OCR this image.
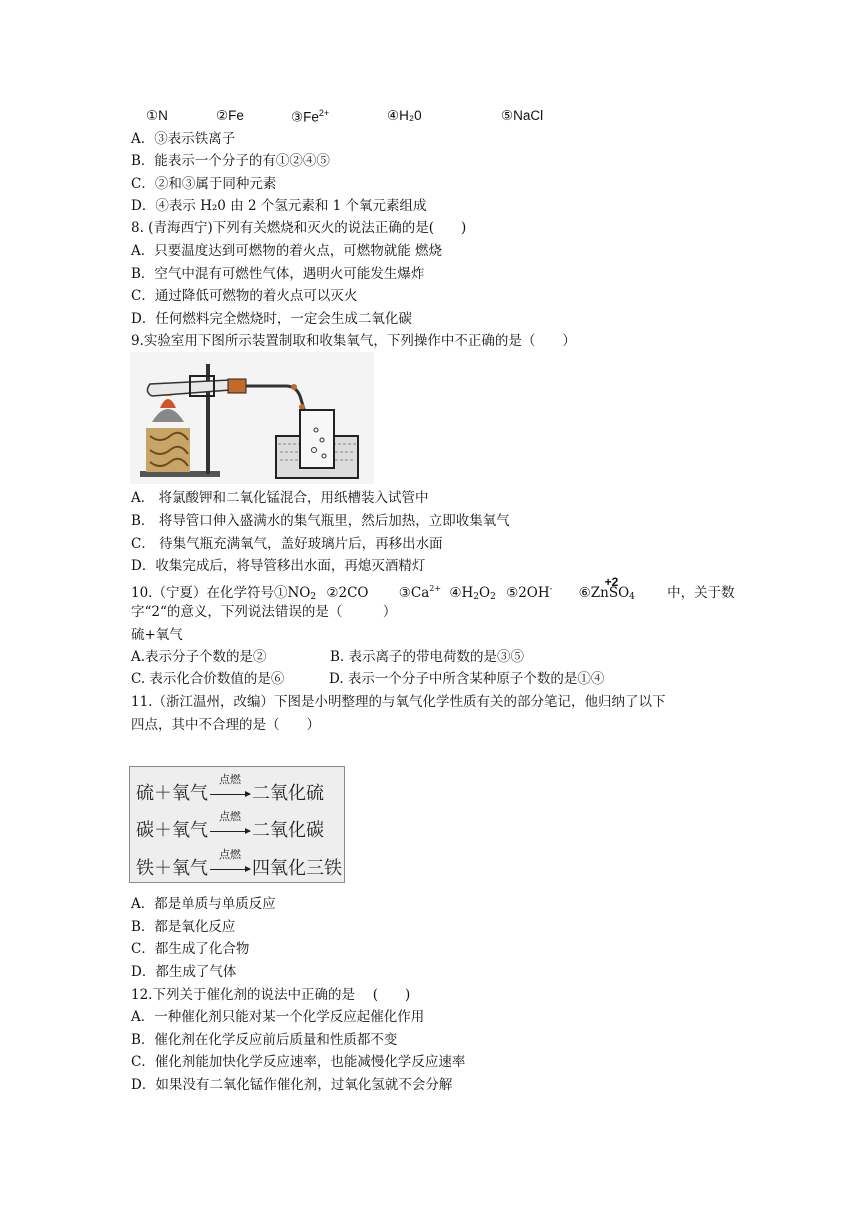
①N	②Fe	$③Fe^{2+}$	④H₂0	⑤NaCl
A．③表示铁离子
B．能表示一个分子的有①②④⑤
C．②和③属于同种元素
D．④表示 H₂0 由 2 个氢元素和 1 个氧元素组成
8. (青海西宁)下列有关燃烧和灭火的说法正确的是(　　)
A．只要温度达到可燃物的着火点，可燃物就能 燃烧
B．空气中混有可燃性气体，遇明火可能发生爆炸
C．通过降低可燃物的着火点可以灭火
D．任何燃料完全燃烧时，一定会生成二氧化碳
9.实验室用下图所示装置制取和收集氧气，下列操作中不正确的是（　　）
A． 将氯酸钾和二氧化锰混合，用纸槽装入试管中
B． 将导管口伸入盛满水的集气瓶里，然后加热，立即收集氧气
C． 待集气瓶充满氧气，盖好玻璃片后，再移出水面
D．收集完成后，将导管移出水面，再熄灭酒精灯
10.（宁夏）在化学符号$①NO_2$ ②2CO $③Ca^{2+}$ $④H_2O_2$ ⑤2OH- ⑥ZnSO$_4$
+2
中，关于数
字“2“的意义，下列说法错误的是（　　　）
硫+氧气
A.表示分子个数的是②	B. 表示离子的带电荷数的是③⑤
C. 表示化合价数值的是⑥	D. 表示一个分子中所含某种原子个数的是①④
11.（浙江温州，改编）下图是小明整理的与氧气化学性质有关的部分笔记，他归纳了以下
四点，其中不合理的是（　　）
硫＋氧气
点燃
二氧化硫
碳＋氧气
点燃
二氧化碳
铁＋氧气
点燃
四氧化三铁
A．都是单质与单质反应
B．都是氧化反应
C．都生成了化合物
D．都生成了气体
12.下列关于催化剂的说法中正确的是　 (　　)
A．一种催化剂只能对某一个化学反应起催化作用
B．催化剂在化学反应前后质量和性质都不变
C．催化剂能加快化学反应速率，也能减慢化学反应速率
D．如果没有二氧化锰作催化剂，过氧化氢就不会分解
